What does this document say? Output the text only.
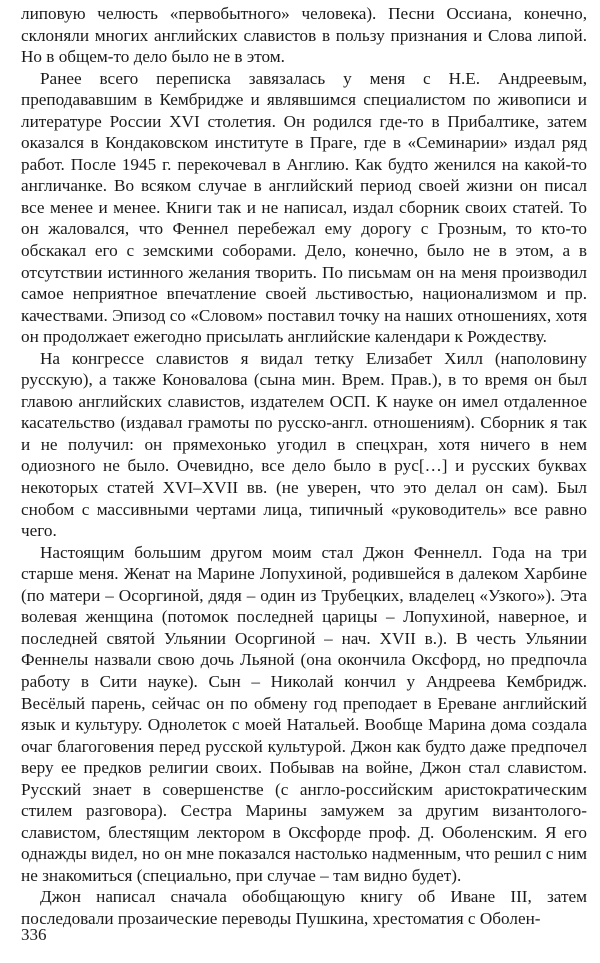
липовую челюсть «первобытного» человека). Песни Оссиана, конечно, склоняли многих английских славистов в пользу признания и Слова липой. Но в общем-то дело было не в этом.

Ранее всего переписка завязалась у меня с Н.Е. Андреевым, преподававшим в Кембридже и являвшимся специалистом по живописи и литературе России XVI столетия. Он родился где-то в Прибалтике, затем оказался в Кондаковском институте в Праге, где в «Семинарии» издал ряд работ. После 1945 г. перекочевал в Англию. Как будто женился на какой-то англичанке. Во всяком случае в английский период своей жизни он писал все менее и менее. Книги так и не написал, издал сборник своих статей. То он жаловался, что Феннел перебежал ему дорогу с Грозным, то кто-то обскакал его с земскими соборами. Дело, конечно, было не в этом, а в отсутствии истинного желания творить. По письмам он на меня производил самое неприятное впечатление своей льстивостью, национализмом и пр. качествами. Эпизод со «Словом» поставил точку на наших отношениях, хотя он продолжает ежегодно присылать английские календари к Рождеству.

На конгрессе славистов я видал тетку Елизабет Хилл (наполовину русскую), а также Коновалова (сына мин. Врем. Прав.), в то время он был главою английских славистов, издателем ОСП. К науке он имел отдаленное касательство (издавал грамоты по русско-англ. отношениям). Сборник я так и не получил: он прямехонько угодил в спецхран, хотя ничего в нем одиозного не было. Очевидно, все дело было в рус[…] и русских буквах некоторых статей XVI–XVII вв. (не уверен, что это делал он сам). Был снобом с массивными чертами лица, типичный «руководитель» все равно чего.

Настоящим большим другом моим стал Джон Феннелл. Года на три старше меня. Женат на Марине Лопухиной, родившейся в далеком Харбине (по матери – Осоргиной, дядя – один из Трубецких, владелец «Узкого»). Эта волевая женщина (потомок последней царицы – Лопухиной, наверное, и последней святой Ульянии Осоргиной – нач. XVII в.). В честь Ульянии Феннелы назвали свою дочь Льяной (она окончила Оксфорд, но предпочла работу в Сити науке). Сын – Николай кончил у Андреева Кембридж. Весёлый парень, сейчас он по обмену год преподает в Ереване английский язык и культуру. Однолеток с моей Натальей. Вообще Марина дома создала очаг благоговения перед русской культурой. Джон как будто даже предпочел веру ее предков религии своих. Побывав на войне, Джон стал славистом. Русский знает в совершенстве (с англо-российским аристократическим стилем разговора). Сестра Марины замужем за другим византолого-славистом, блестящим лектором в Оксфорде проф. Д. Оболенским. Я его однажды видел, но он мне показался настолько надменным, что решил с ним не знакомиться (специально, при случае – там видно будет).

Джон написал сначала обобщающую книгу об Иване III, затем последовали прозаические переводы Пушкина, хрестоматия с Оболен-

336
